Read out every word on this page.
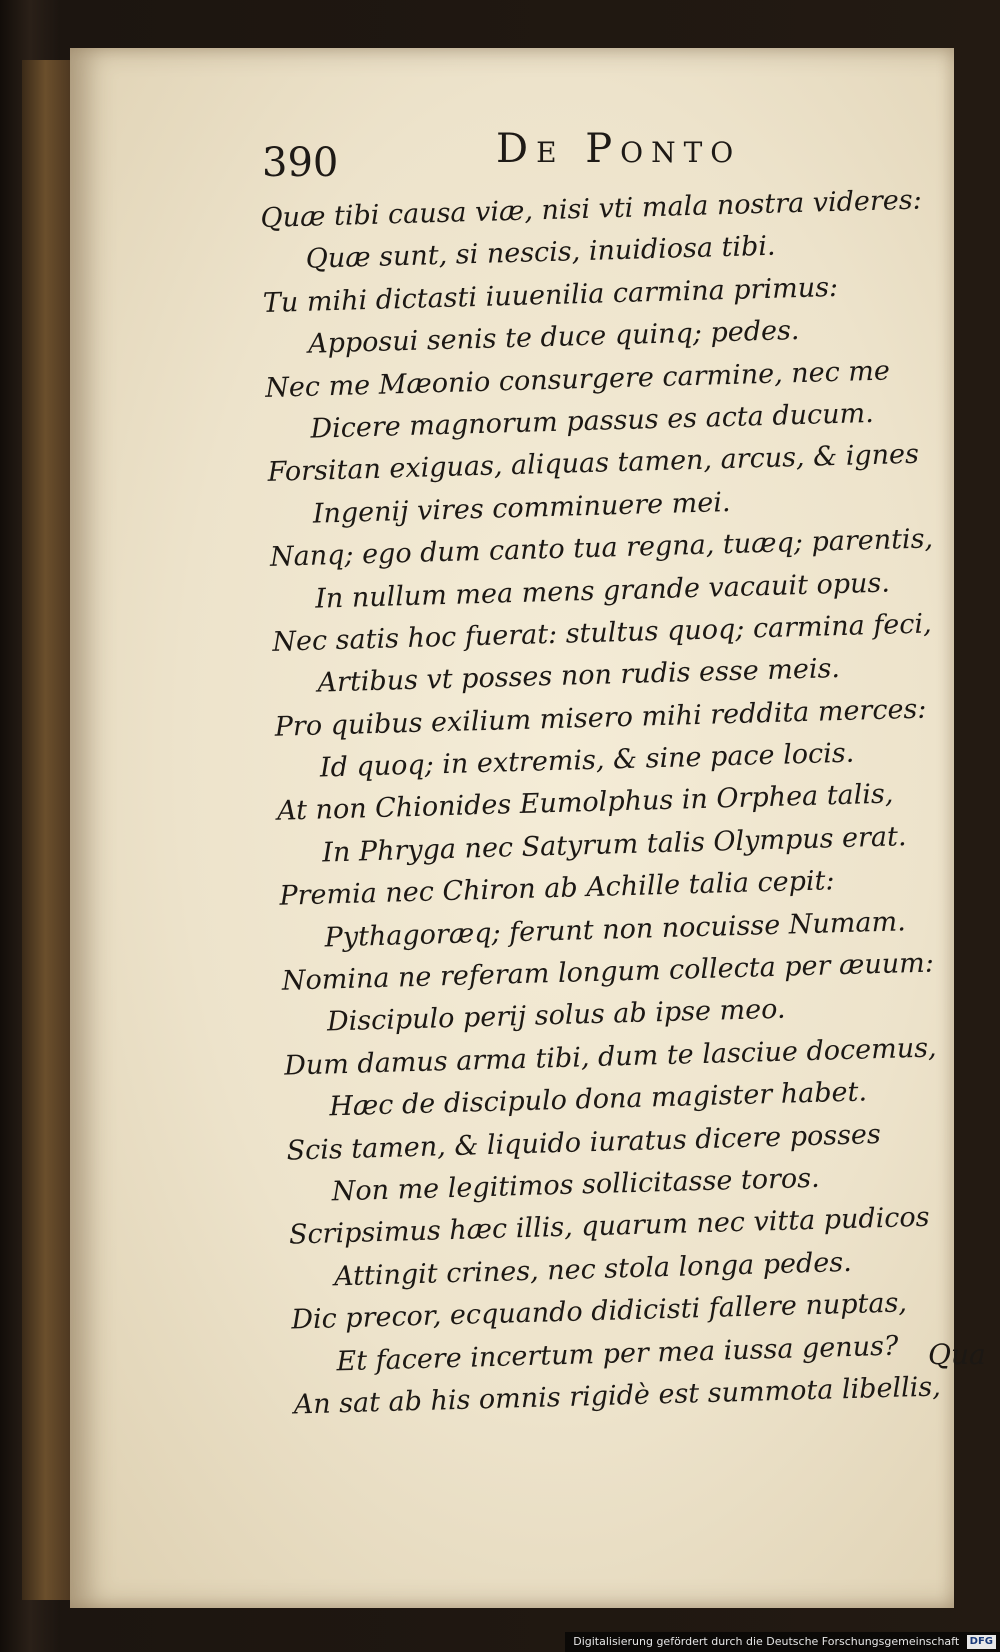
390	De Ponto
Quæ tibi causa viæ, nisi vti mala nostra videres:
Quæ sunt, si nescis, inuidiosa tibi.
Tu mihi dictasti iuuenilia carmina primus:
Apposui senis te duce quinq; pedes.
Nec me Mæonio consurgere carmine, nec me
Dicere magnorum passus es acta ducum.
Forsitan exiguas, aliquas tamen, arcus, & ignes
Ingenij vires comminuere mei.
Nanq; ego dum canto tua regna, tuæq; parentis,
In nullum mea mens grande vacauit opus.
Nec satis hoc fuerat: stultus quoq; carmina feci,
Artibus vt posses non rudis esse meis.
Pro quibus exilium misero mihi reddita merces:
Id quoq; in extremis, & sine pace locis.
At non Chionides Eumolphus in Orphea talis,
In Phryga nec Satyrum talis Olympus erat.
Premia nec Chiron ab Achille talia cepit:
Pythagoræq; ferunt non nocuisse Numam.
Nomina ne referam longum collecta per æuum:
Discipulo perij solus ab ipse meo.
Dum damus arma tibi, dum te lasciue docemus,
Hæc de discipulo dona magister habet.
Scis tamen, & liquido iuratus dicere posses
Non me legitimos sollicitasse toros.
Scripsimus hæc illis, quarum nec vitta pudicos
Attingit crines, nec stola longa pedes.
Dic precor, ecquando didicisti fallere nuptas,
Et facere incertum per mea iussa genus?
An sat ab his omnis rigidè est summota libellis,
Qua
Digitalisierung gefördert durch die Deutsche Forschungsgemeinschaft DFG
